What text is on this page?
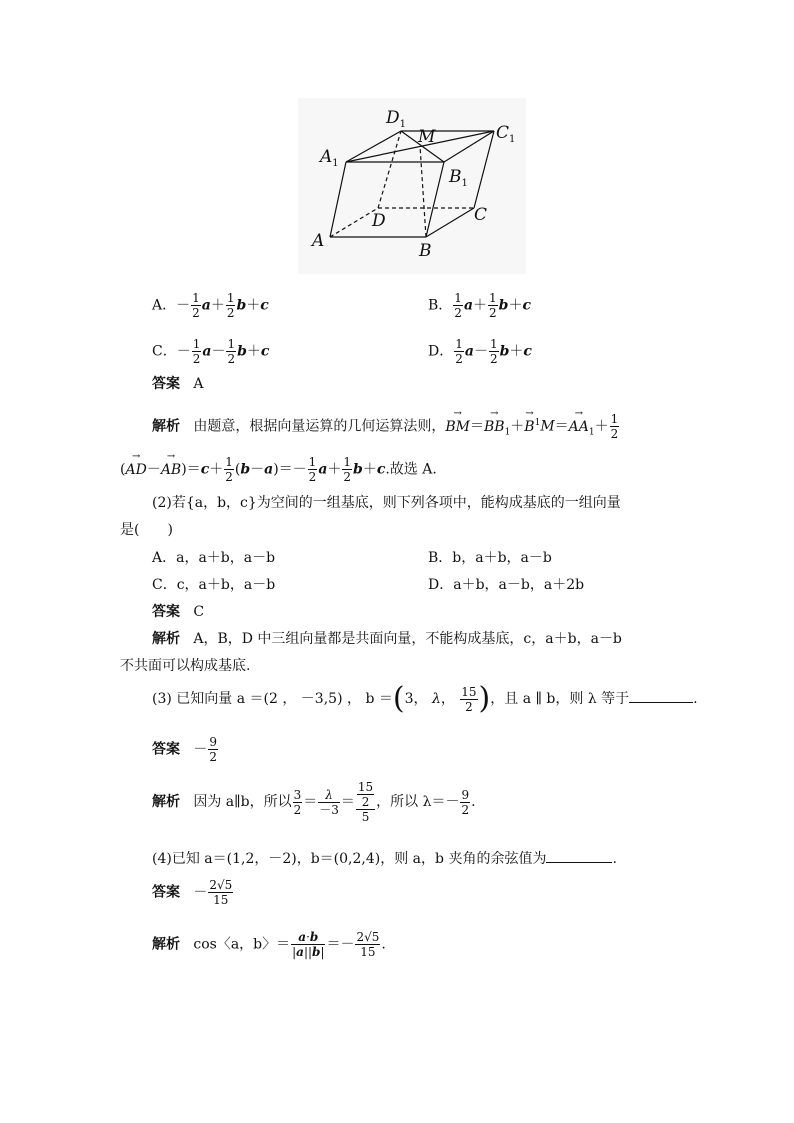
$D_1$
M	$C_1$
$A_1$
$B_1$
C
D
A	B
A．－ $\frac{1}{2} a+ \frac{1}{2} b+c$	B． $\frac{1}{2} a+ \frac{1}{2} b+c$
C．－ $\frac{1}{2} a- \frac{1}{2} b+c$	D． $\frac{1}{2} a- \frac{1}{2} b+c$
答案 A
解析 由题意，根据向量运算的几何运算法则，→ $BM=\to BB_1+\to B^1M=\to AA_1+ \frac{1}{2}$
(→ $AD-\to AB)=c+ \frac{1}{2} (b-a)=- \frac{1}{2} a+ \frac{1}{2} b+c$.故选 A.
(2)若{a，b，c}为空间的一组基底，则下列各项中，能构成基底的一组向量
是(　　)
A．a，a＋b，a－b	B．b，a＋b，a－b
C．c，a＋b，a－b	D．a＋b，a－b，a＋2b
答案 C
解析 A，B，D 中三组向量都是共面向量，不能构成基底，c，a＋b，a－b
不共面可以构成基底.
(3) 已知向量 a ＝(2 ， －3,5) ， b ＝(3， λ， $\frac{15}{2}$ )，且 a ∥ b，则 λ 等于	.
答案   － $\frac{9}{2}$
解析 因为 a∥b，所以 $\frac{3}{2} = \frac{\lambda}{-3} = \frac{\frac{15}{2}}{5}$ ，所以 $\lambda=- \frac{9}{2}$ .
(4)已知 a＝(1,2，－2)，b＝(0,2,4)，则 a，b 夹角的余弦值为	.
答案   － $\frac{2√5}{15}$
解析 cos〈a，b〉＝ $\frac{a\cdot b}{|a||b|} =- \frac{2√5}{15}$ .
